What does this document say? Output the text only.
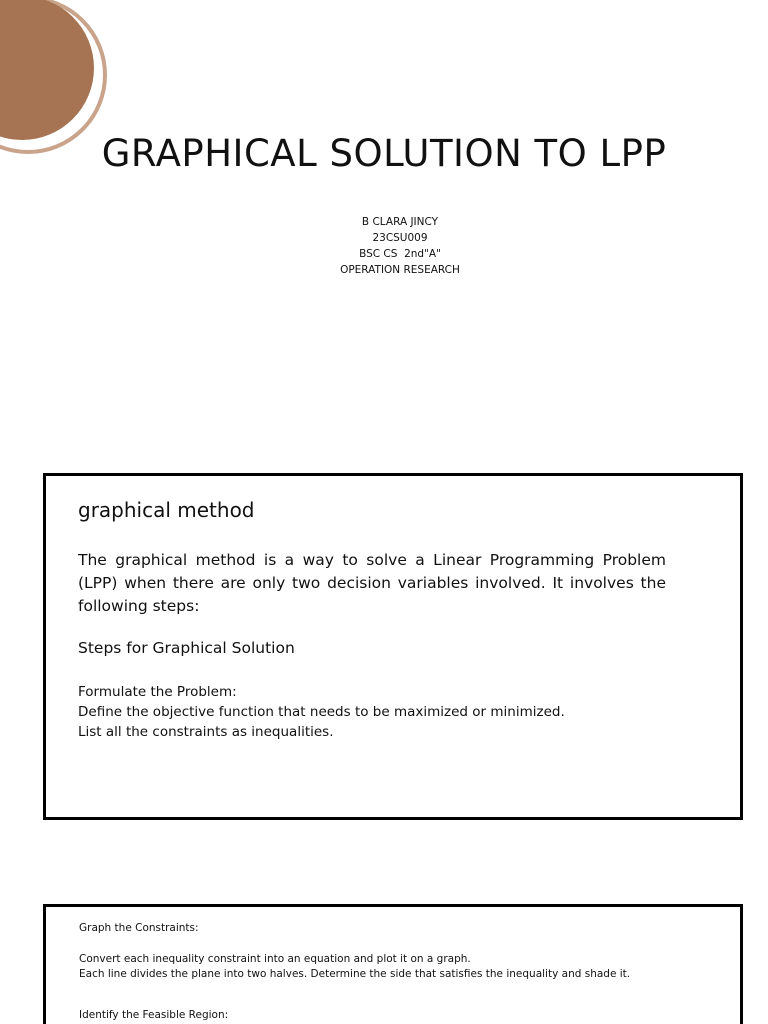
GRAPHICAL SOLUTION TO LPP
B CLARA JINCY
23CSU009
BSC CS  2nd"A"
OPERATION RESEARCH
graphical method
The graphical method is a way to solve a Linear Programming Problem (LPP) when there are only two decision variables involved. It involves the following steps:
Steps for Graphical Solution
Formulate the Problem:
Define the objective function that needs to be maximized or minimized.
List all the constraints as inequalities.
Graph the Constraints:
Convert each inequality constraint into an equation and plot it on a graph.
Each line divides the plane into two halves. Determine the side that satisfies the inequality and shade it.
Identify the Feasible Region:
